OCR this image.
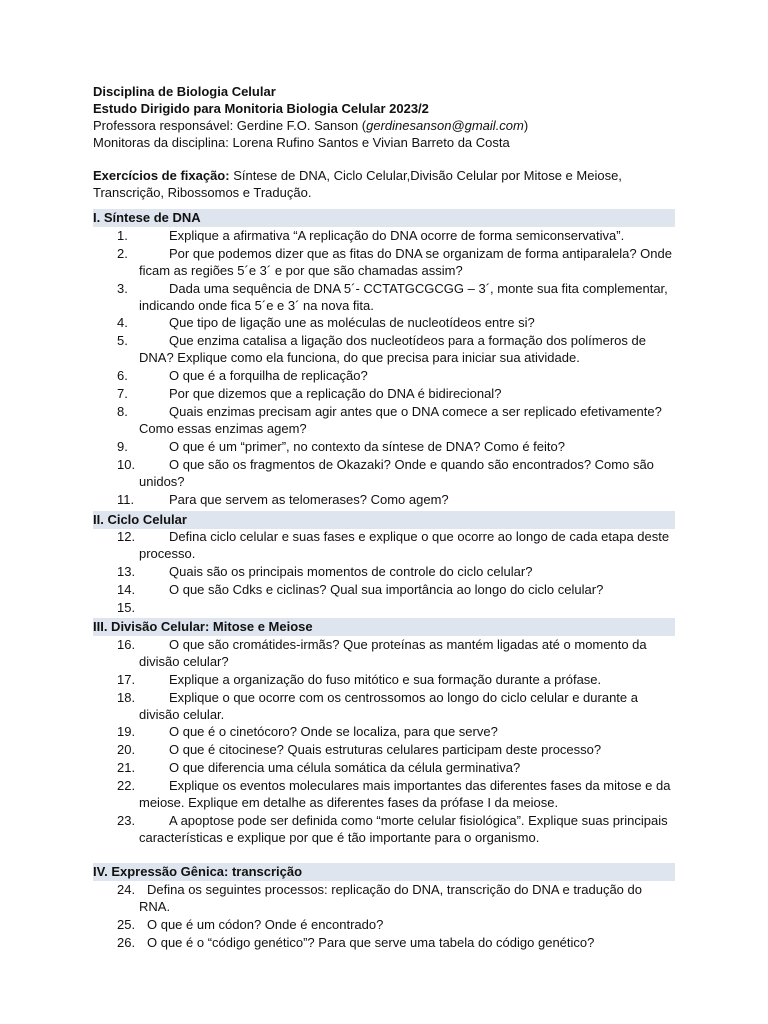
Disciplina de Biologia Celular
Estudo Dirigido para Monitoria Biologia Celular 2023/2
Professora responsável: Gerdine F.O. Sanson (gerdinesanson@gmail.com)
Monitoras da disciplina: Lorena Rufino Santos e Vivian Barreto da Costa
Exercícios de fixação: Síntese de DNA, Ciclo Celular,Divisão Celular por Mitose e Meiose, Transcrição, Ribossomos e Tradução.
I. Síntese de DNA
1.	Explique a afirmativa “A replicação do DNA ocorre de forma semiconservativa”.
2.	Por que podemos dizer que as fitas do DNA se organizam de forma antiparalela? Onde ficam as regiões 5´e 3´ e por que são chamadas assim?
3.	Dada uma sequência de DNA 5´- CCTATGCGCGG – 3´, monte sua fita complementar, indicando onde fica 5´e e 3´ na nova fita.
4.	Que tipo de ligação une as moléculas de nucleotídeos entre si?
5.	Que enzima catalisa a ligação dos nucleotídeos para a formação dos polímeros de DNA? Explique como ela funciona, do que precisa para iniciar sua atividade.
6.	O que é a forquilha de replicação?
7.	Por que dizemos que a replicação do DNA é bidirecional?
8.	Quais enzimas precisam agir antes que o DNA comece a ser replicado efetivamente? Como essas enzimas agem?
9.	O que é um “primer”, no contexto da síntese de DNA? Como é feito?
10.	O que são os fragmentos de Okazaki? Onde e quando são encontrados? Como são unidos?
11.	Para que servem as telomerases? Como agem?
II. Ciclo Celular
12.	Defina ciclo celular e suas fases e explique o que ocorre ao longo de cada etapa deste processo.
13.	Quais são os principais momentos de controle do ciclo celular?
14.	O que são Cdks e ciclinas? Qual sua importância ao longo do ciclo celular?
15.
III. Divisão Celular: Mitose e Meiose
16.	O que são cromátides-irmãs? Que proteínas as mantém ligadas até o momento da divisão celular?
17.	Explique a organização do fuso mitótico e sua formação durante a prófase.
18.	Explique o que ocorre com os centrossomos ao longo do ciclo celular e durante a divisão celular.
19.	O que é o cinetócoro? Onde se localiza, para que serve?
20.	O que é citocinese? Quais estruturas celulares participam deste processo?
21.	O que diferencia uma célula somática da célula germinativa?
22.	Explique os eventos moleculares mais importantes das diferentes fases da mitose e da meiose. Explique em detalhe as diferentes fases da prófase I da meiose.
23.	A apoptose pode ser definida como “morte celular fisiológica”. Explique suas principais características e explique por que é tão importante para o organismo.
IV. Expressão Gênica: transcrição
24. Defina os seguintes processos: replicação do DNA, transcrição do DNA e tradução do RNA.
25. O que é um códon? Onde é encontrado?
26. O que é o “código genético”? Para que serve uma tabela do código genético?
